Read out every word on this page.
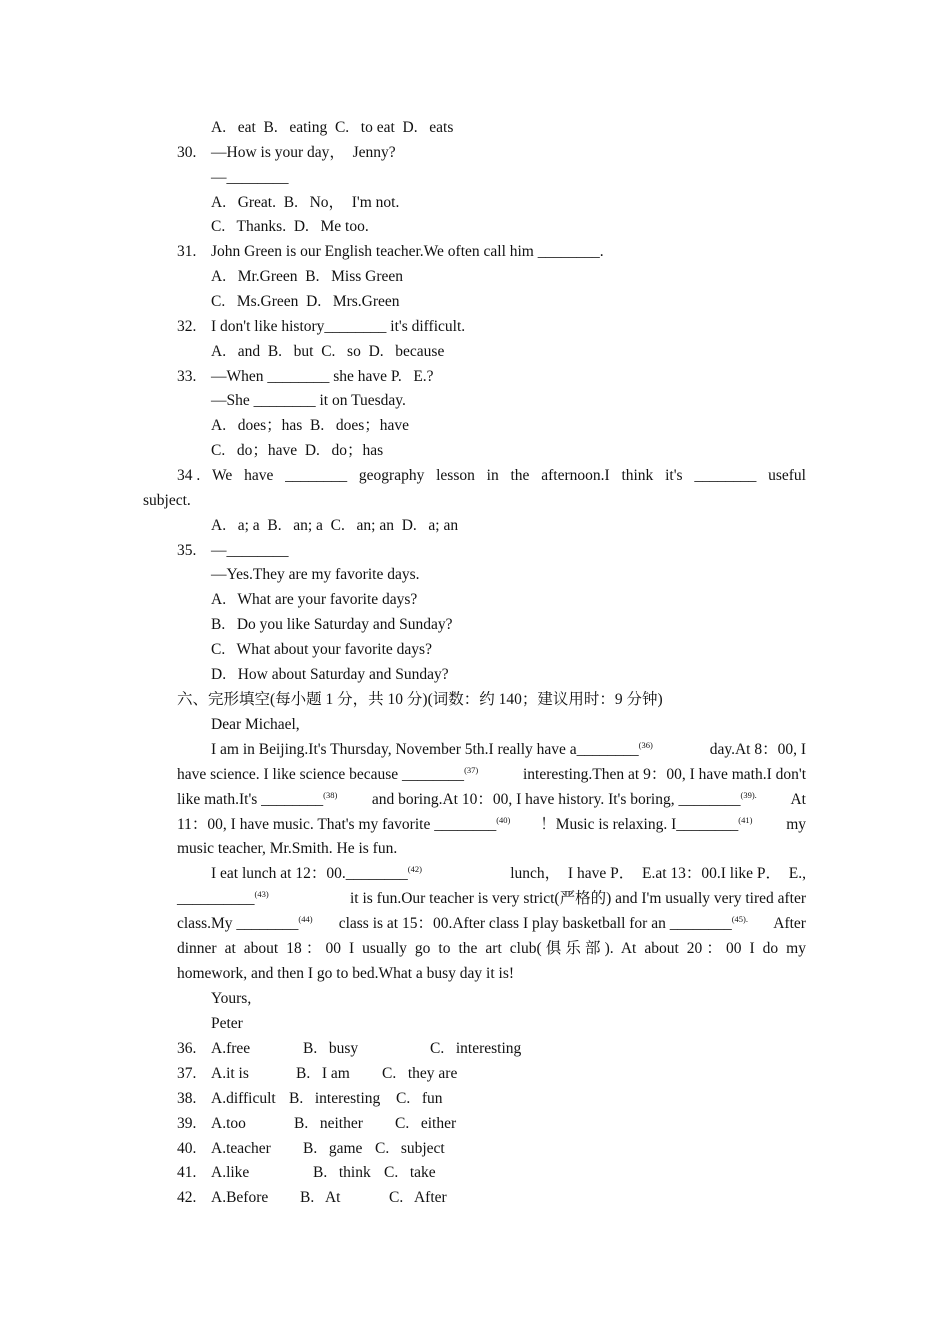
A.   eat  B.   eating  C.   to eat  D.   eats
30. —How is your day，  Jenny?
—________
A.   Great.  B.   No，  I'm not.
C.   Thanks.  D.   Me too.
31. John Green is our English teacher.We often call him ________.
A.   Mr.Green  B.   Miss Green
C.   Ms.Green  D.   Mrs.Green
32. I don't like history________ it's difficult.
A.   and  B.   but  C.   so  D.   because
33. —When ________ she have P.   E.?
—She ________ it on Tuesday.
A.   does；has  B.   does；have
C.   do；have  D.   do；has
34 . We have ________ geography lesson in the afternoon.I think it's ________ useful
subject.
A.   a; a  B.   an; a  C.   an; an  D.   a; an
35. —________
—Yes.They are my favorite days.
A.   What are your favorite days?
B.   Do you like Saturday and Sunday?
C.   What about your favorite days?
D.   How about Saturday and Sunday?
六、完形填空(每小题 1 分，共 10 分)(词数：约 140；建议用时：9 分钟)
Dear Michael,
I am in Beijing.It's Thursday, November 5th.I really have a________$^{(36)}$	day.At 8：00, I
have science. I like science because ________$^{(37)}$	interesting.Then at 9：00, I have math.I don't
like math.It's ________$^{(38)}$ and boring.At 10：00, I have history. It's boring, ________$^{(39).}$ At
11：00, I have music. That's my favorite ________$^{(40)}$ ！Music is relaxing. I________$^{(41)}$ my
music teacher, Mr.Smith. He is fun.
I eat lunch at 12：00.________$^{(42)}$	lunch，  I have P．  E.at 13：00.I like P．  E.,
__________$^{(43)}$	it is fun.Our teacher is very strict(严格的) and I'm usually very tired after
class.My ________$^{(44)}$ class is at 15：00.After class I play basketball for an ________$^{(45).}$ After
dinner at about 18：00 I usually go to the art club(俱乐部). At about 20：00 I do my
homework, and then I go to bed.What a busy day it is!
Yours,
Peter
36. A.free	B.   busy	C.   interesting
37. A.it is	B.   I am C.   they are
38. A.difficult B.   interesting C.   fun
39. A.too	B.   neither C.   either
40. A.teacher B.   game C.   subject
41. A.like	B.   think C.   take
42. A.Before B.   At	C.   After
